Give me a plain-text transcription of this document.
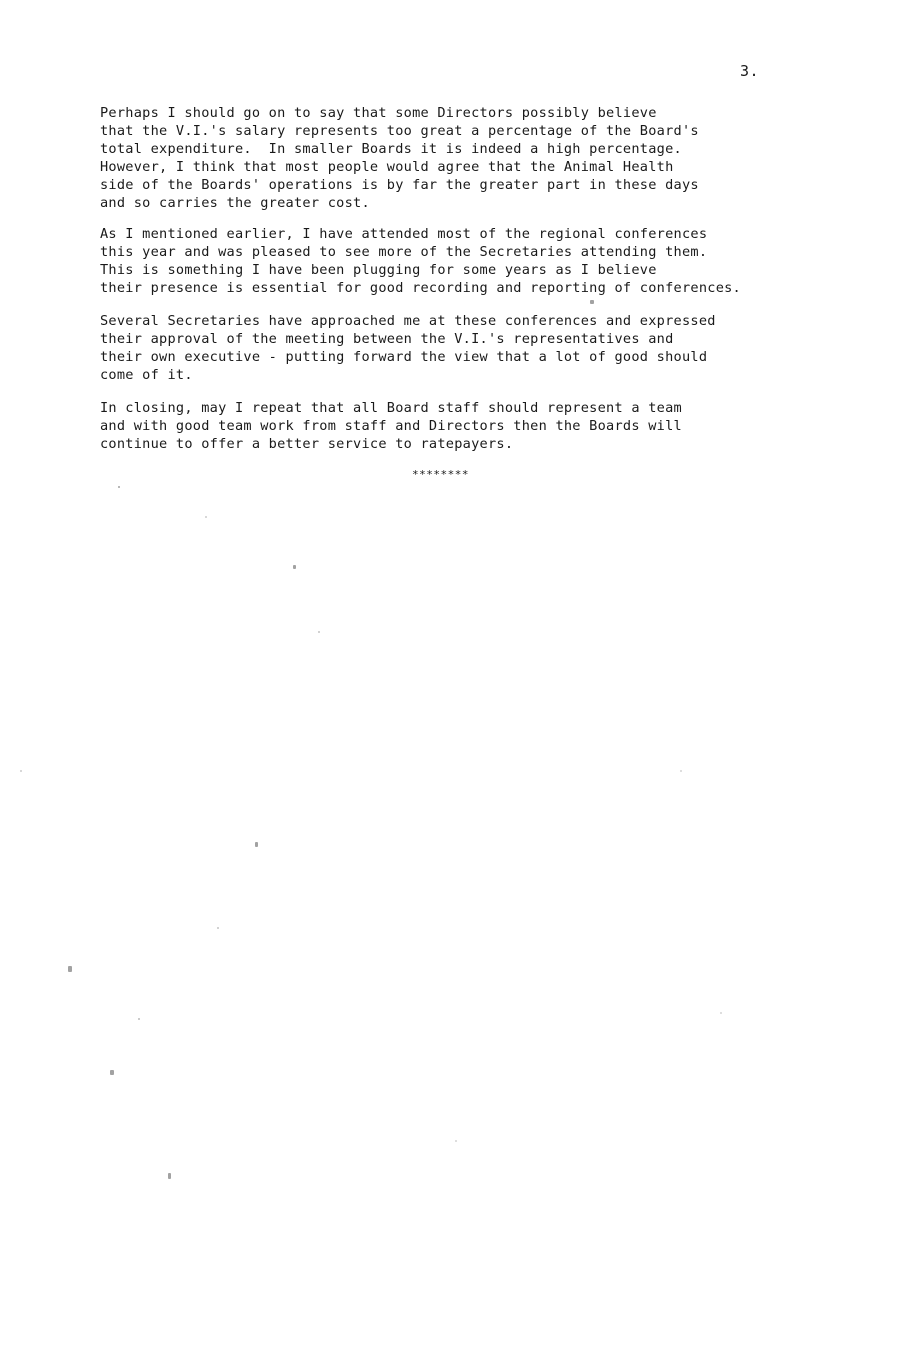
3.
Perhaps I should go on to say that some Directors possibly believe
that the V.I.'s salary represents too great a percentage of the Board's
total expenditure.  In smaller Boards it is indeed a high percentage.
However, I think that most people would agree that the Animal Health
side of the Boards' operations is by far the greater part in these days
and so carries the greater cost.
As I mentioned earlier, I have attended most of the regional conferences
this year and was pleased to see more of the Secretaries attending them.
This is something I have been plugging for some years as I believe
their presence is essential for good recording and reporting of conferences.
Several Secretaries have approached me at these conferences and expressed
their approval of the meeting between the V.I.'s representatives and
their own executive - putting forward the view that a lot of good should
come of it.
In closing, may I repeat that all Board staff should represent a team
and with good team work from staff and Directors then the Boards will
continue to offer a better service to ratepayers.
********
